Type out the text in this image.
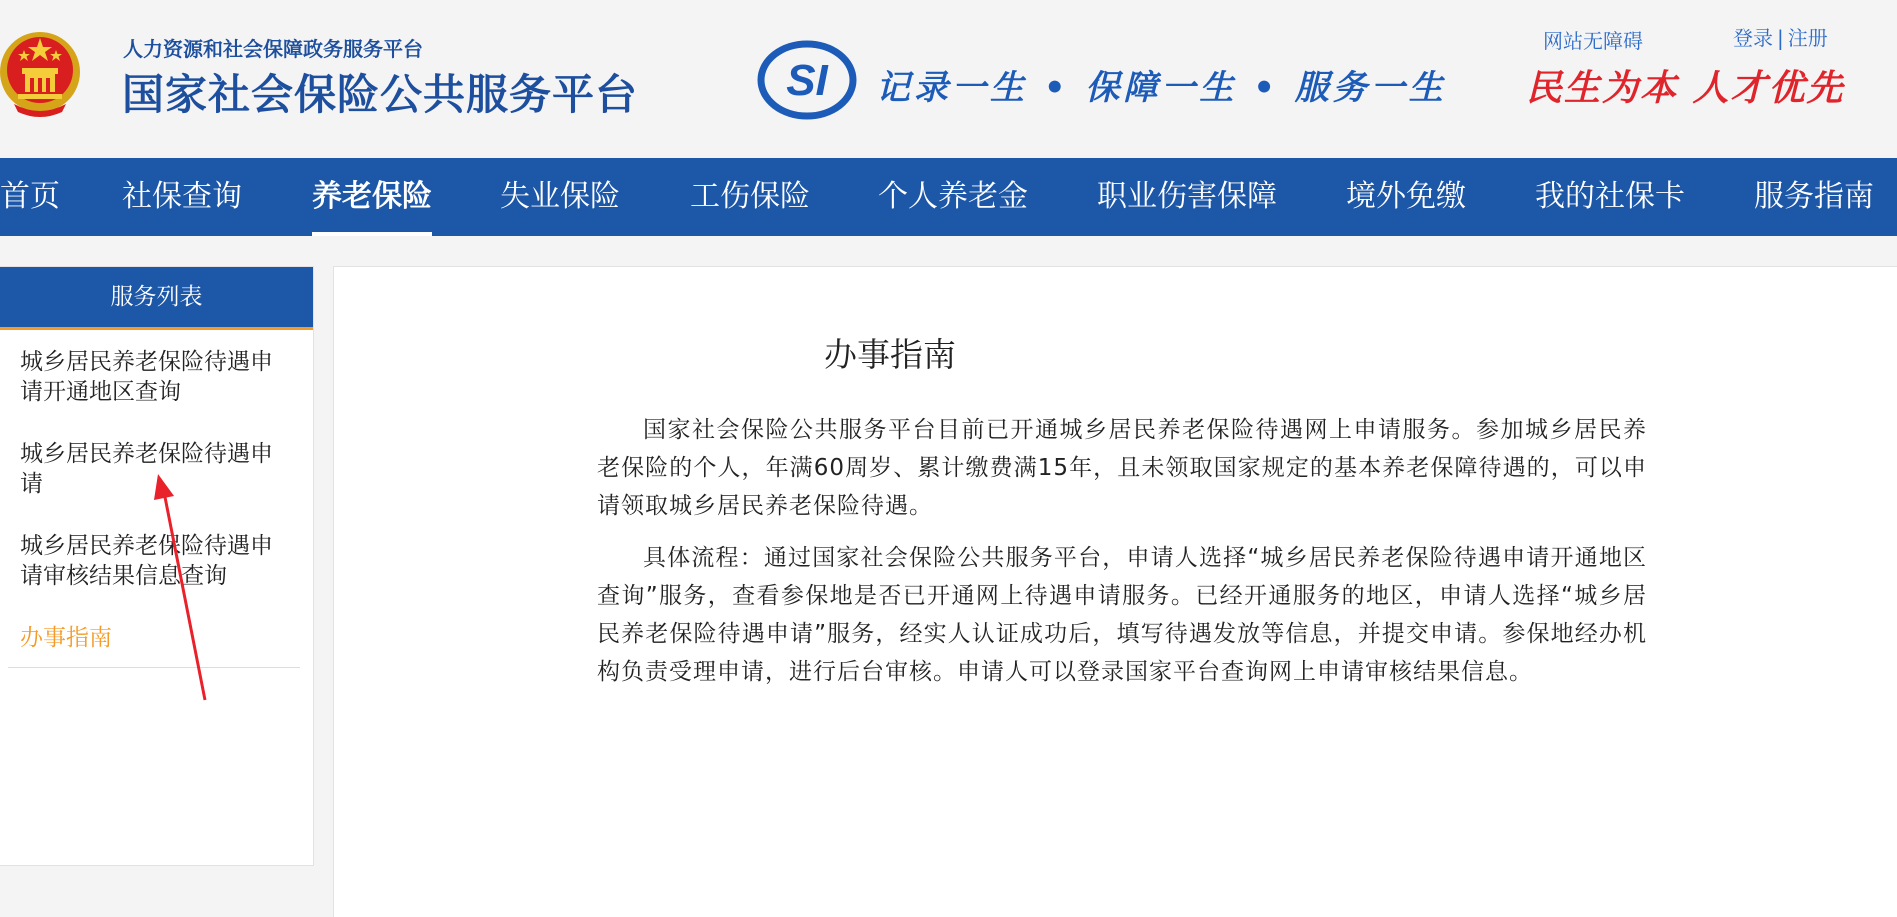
人力资源和社会保障政务服务平台
国家社会保险公共服务平台	SI 记录一生 • 保障一生 • 服务一生
网站无障碍	登录 | 注册
民生为本 人才优先
首页 社保查询 养老保险 失业保险 工伤保险 个人养老金 职业伤害保障 境外免缴 我的社保卡 服务指南
服务列表
城乡居民养老保险待遇申请开通地区查询
城乡居民养老保险待遇申请
城乡居民养老保险待遇申请审核结果信息查询
办事指南
办事指南
国家社会保险公共服务平台目前已开通城乡居民养老保险待遇网上申请服务。参加城乡居民养老保险的个人，年满60周岁、累计缴费满15年，且未领取国家规定的基本养老保障待遇的，可以申请领取城乡居民养老保险待遇。
具体流程：通过国家社会保险公共服务平台，申请人选择“城乡居民养老保险待遇申请开通地区查询”服务，查看参保地是否已开通网上待遇申请服务。已经开通服务的地区，申请人选择“城乡居民养老保险待遇申请”服务，经实人认证成功后，填写待遇发放等信息，并提交申请。参保地经办机构负责受理申请，进行后台审核。申请人可以登录国家平台查询网上申请审核结果信息。
